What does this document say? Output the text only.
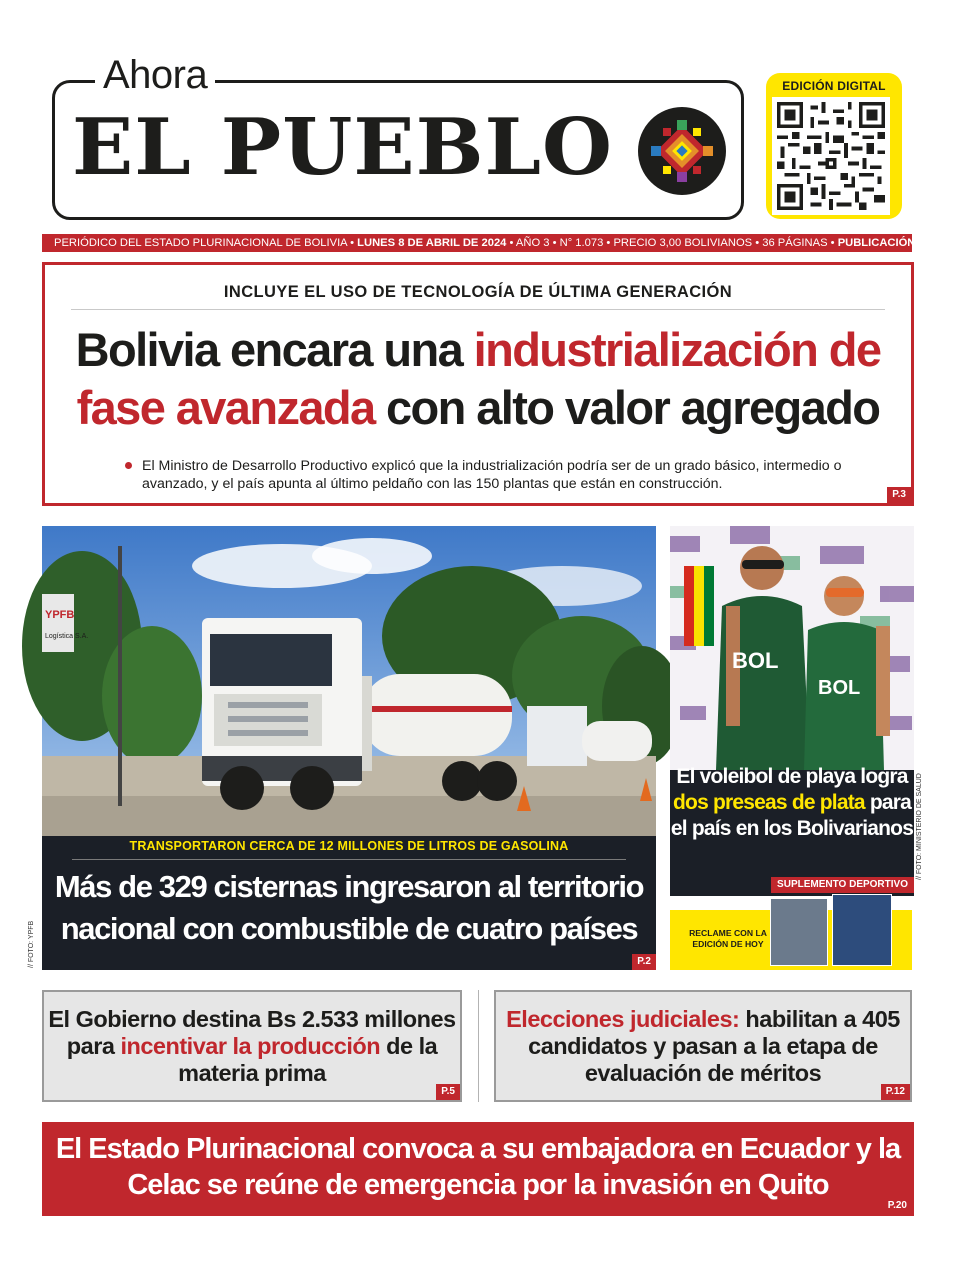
Ahora
EL PUEBLO
EDICIÓN DIGITAL
PERIÓDICO DEL ESTADO PLURINACIONAL DE BOLIVIA • LUNES 8 DE ABRIL DE 2024 • AÑO 3 • N° 1.073 • PRECIO 3,00 BOLIVIANOS • 36 PÁGINAS • PUBLICACIÓN NACIONAL
INCLUYE EL USO DE TECNOLOGÍA DE ÚLTIMA GENERACIÓN
Bolivia encara una industrialización de
fase avanzada con alto valor agregado
El Ministro de Desarrollo Productivo explicó que la industrialización podría ser de un grado básico, intermedio o avanzado, y el país apunta al último peldaño con las 150 plantas que están en construcción.
P.3
YPFB
Logística S.A.
TRANSPORTARON CERCA DE 12 MILLONES DE LITROS DE GASOLINA
Más de 329 cisternas ingresaron al territorio nacional con combustible de cuatro países
P.2
// FOTO: YPFB
BOL
BOL
El voleibol de playa logra dos preseas de plata para el país en los Bolivarianos
SUPLEMENTO DEPORTIVO
// FOTO: MINISTERIO DE SALUD
RECLAME CON LA EDICIÓN DE HOY
El Gobierno destina Bs 2.533 millones para incentivar la producción de la materia prima
P.5
Elecciones judiciales: habilitan a 405 candidatos y pasan a la etapa de evaluación de méritos
P.12
El Estado Plurinacional convoca a su embajadora en Ecuador y la Celac se reúne de emergencia por la invasión en Quito
P.20
